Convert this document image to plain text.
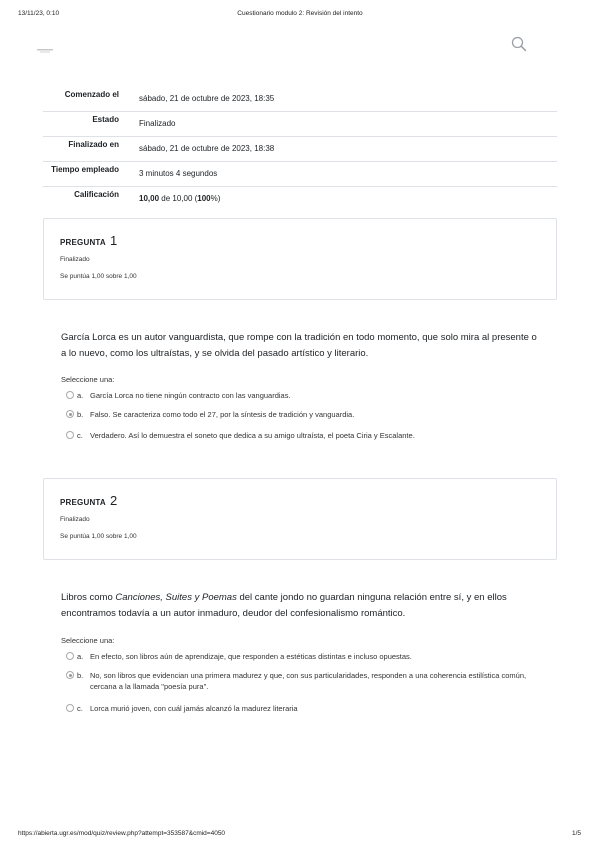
13/11/23, 0:10	Cuestionario modulo 2: Revisión del intento
Comenzado el	sábado, 21 de octubre de 2023, 18:35
Estado	Finalizado
Finalizado en	sábado, 21 de octubre de 2023, 18:38
Tiempo empleado	3 minutos 4 segundos
Calificación	10,00 de 10,00 (100%)
PREGUNTA 1
Finalizado
Se puntúa 1,00 sobre 1,00
García Lorca es un autor vanguardista, que rompe con la tradición en todo momento, que solo mira al presente o a lo nuevo, como los ultraístas, y se olvida del pasado artístico y literario.
Seleccione una:
a. García Lorca no tiene ningún contracto con las vanguardias.
b. Falso. Se caracteriza como todo el 27, por la síntesis de tradición y vanguardia.
c. Verdadero. Así lo demuestra el soneto que dedica a su amigo ultraísta, el poeta Ciria y Escalante.
PREGUNTA 2
Finalizado
Se puntúa 1,00 sobre 1,00
Libros como Canciones, Suites y Poemas del cante jondo no guardan ninguna relación entre sí, y en ellos encontramos todavía a un autor inmaduro, deudor del confesionalismo romántico.
Seleccione una:
a. En efecto, son libros aún de aprendizaje, que responden a estéticas distintas e incluso opuestas.
b. No, son libros que evidencian una primera madurez y que, con sus particularidades, responden a una coherencia estilística común, cercana a la llamada "poesía pura".
c. Lorca murió joven, con cuál jamás alcanzó la madurez literaria
https://abierta.ugr.es/mod/quiz/review.php?attempt=353587&cmid=4050	1/5
